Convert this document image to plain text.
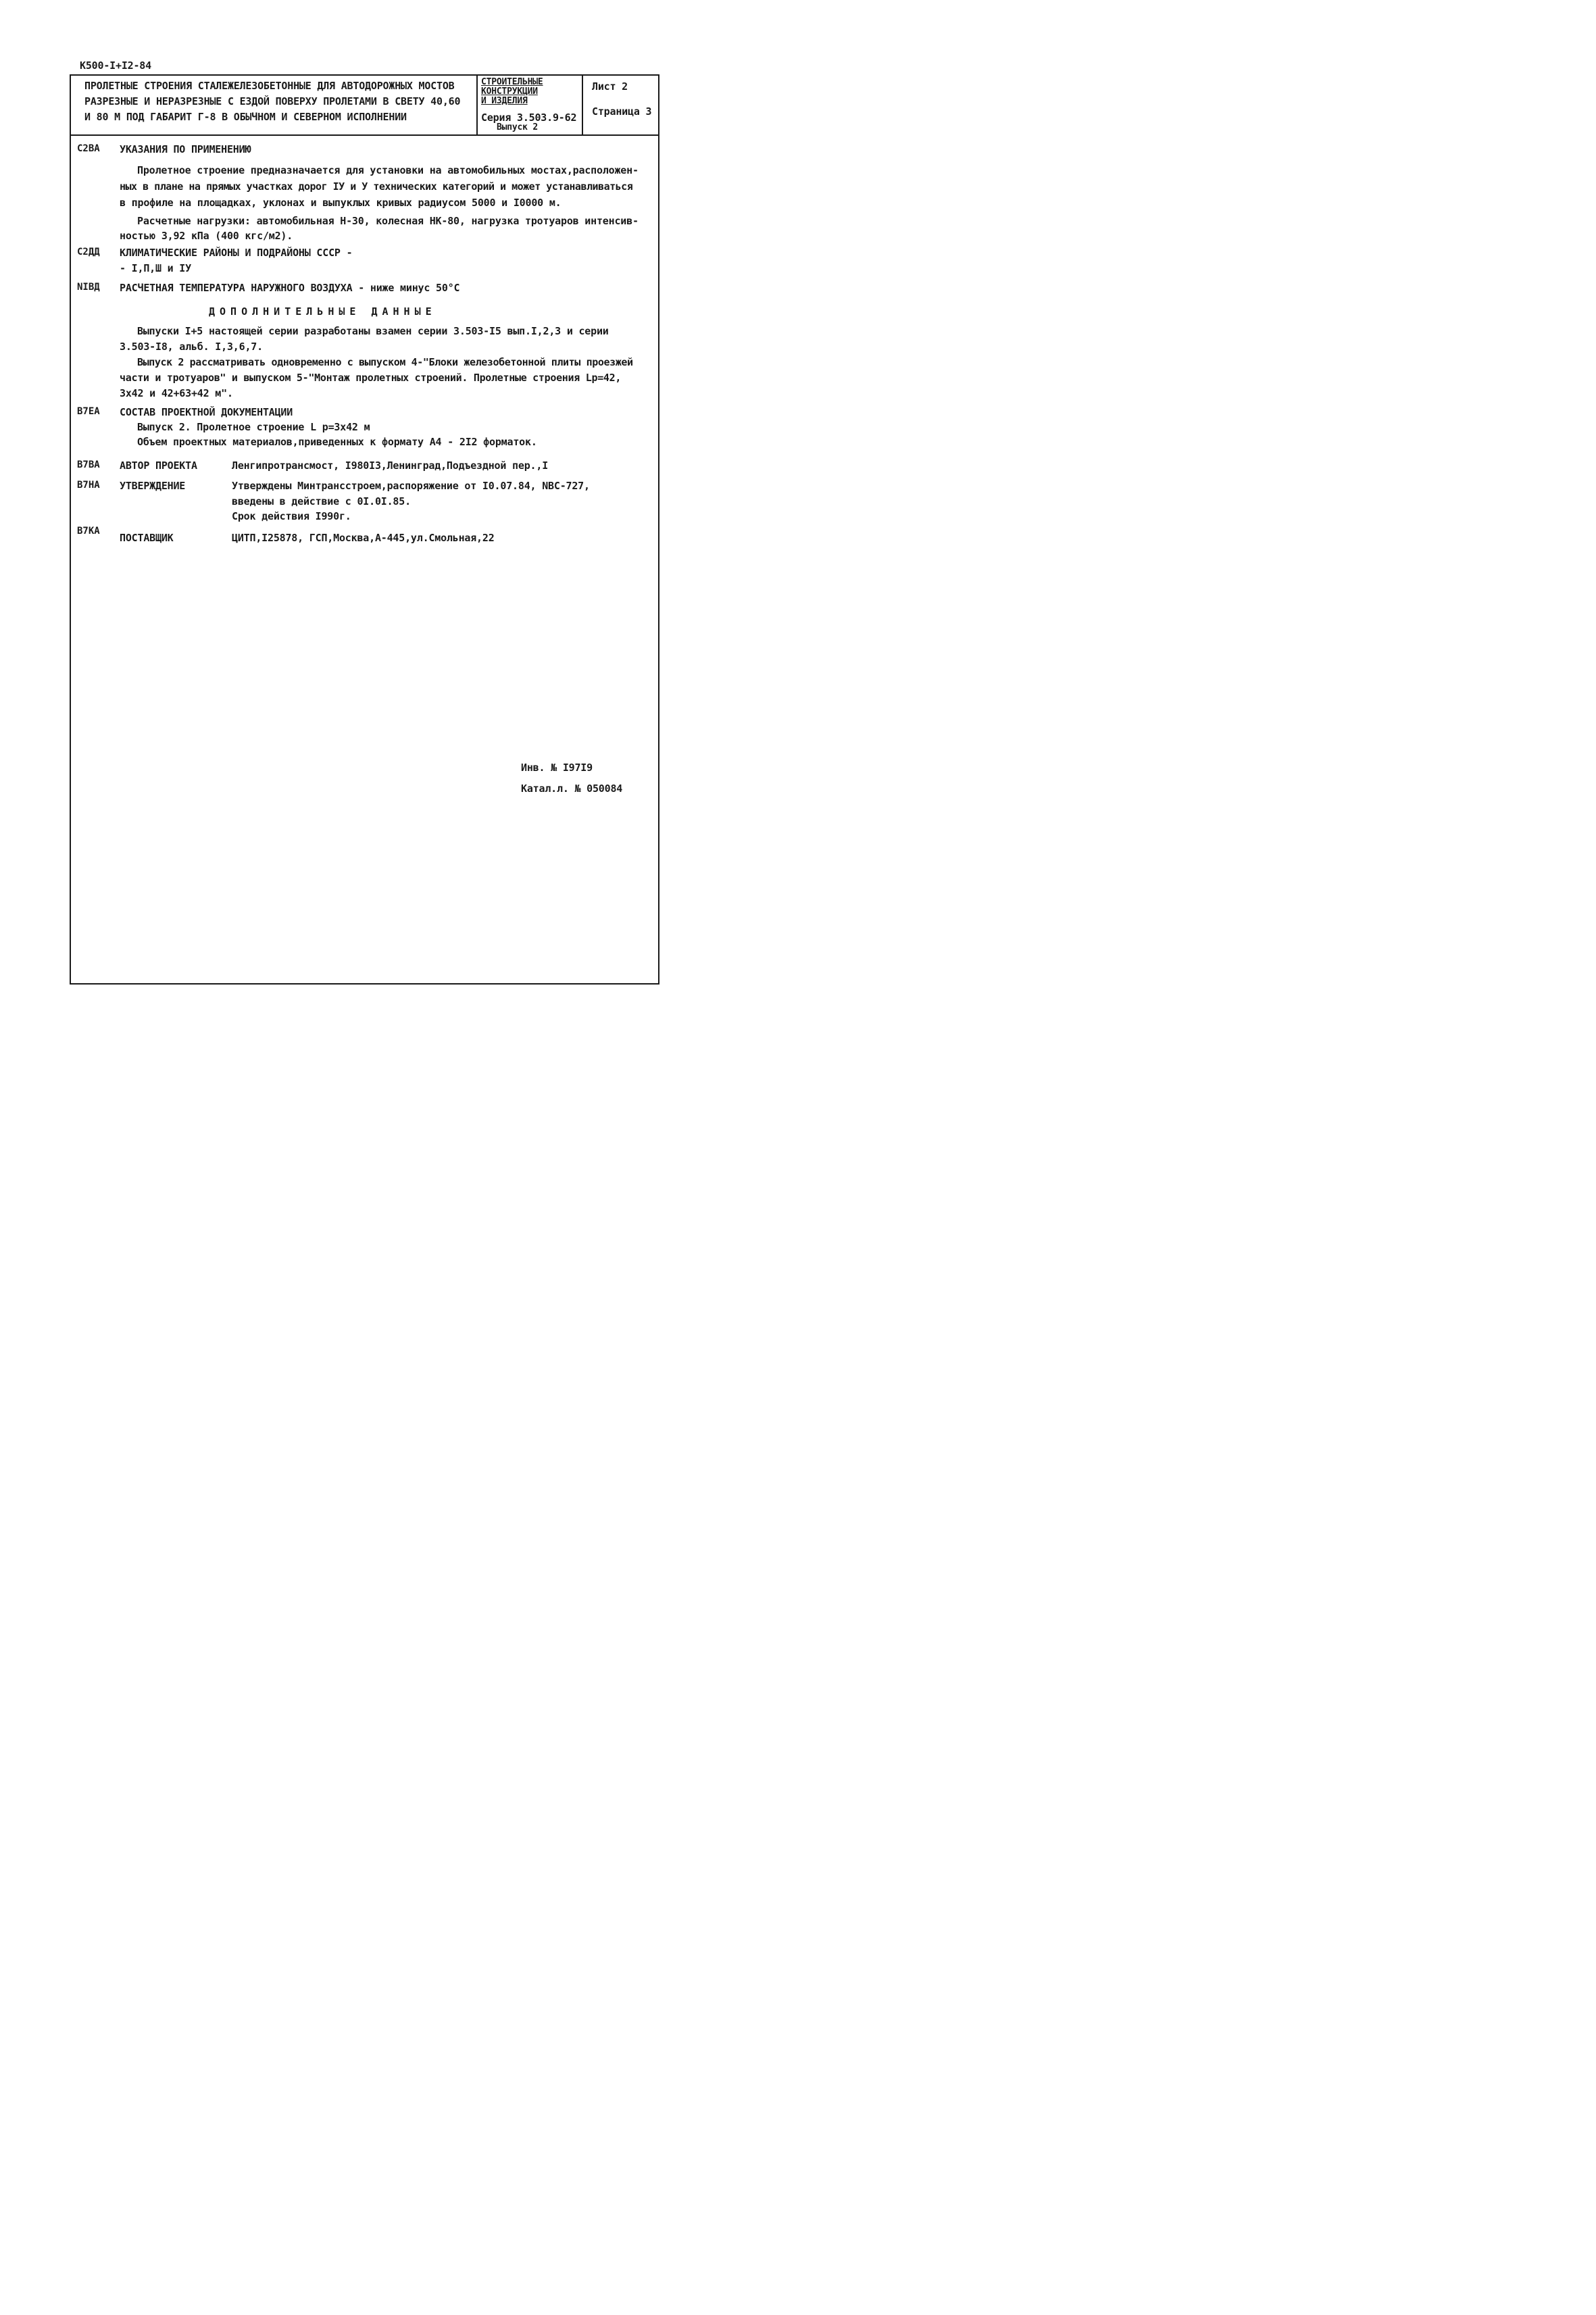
К500-I+I2-84
ПРОЛЕТНЫЕ СТРОЕНИЯ СТАЛЕЖЕЛЕЗОБЕТОННЫЕ ДЛЯ АВТОДОРОЖНЫХ МОСТОВ
РАЗРЕЗНЫЕ И НЕРАЗРЕЗНЫЕ С ЕЗДОЙ ПОВЕРХУ ПРОЛЕТАМИ В СВЕТУ 40,60
И 80 М ПОД ГАБАРИТ Г-8 В ОБЫЧНОМ И СЕВЕРНОМ ИСПОЛНЕНИИ
СТРОИТЕЛЬНЫЕ
КОНСТРУКЦИИ
И ИЗДЕЛИЯ
Серия 3.503.9-62
Выпуск 2
Лист 2
Страница 3
С2ВА УКАЗАНИЯ ПО ПРИМЕНЕНИЮ
Пролетное строение предназначается для установки на автомобильных мостах,расположен-
ных в плане на прямых участках дорог IУ и У технических категорий и может устанавливаться
в профиле на площадках, уклонах и выпуклых кривых радиусом 5000 и I0000 м.
Расчетные нагрузки: автомобильная Н-30, колесная НК-80, нагрузка тротуаров интенсив-
ностью 3,92 кПа (400 кгс/м2).
С2ДД КЛИМАТИЧЕСКИЕ РАЙОНЫ И ПОДРАЙОНЫ СССР -
- I,П,Ш и IУ
NIВД РАСЧЕТНАЯ ТЕМПЕРАТУРА НАРУЖНОГО ВОЗДУХА - ниже минус 50°С
ДОПОЛНИТЕЛЬНЫЕ ДАННЫЕ
Выпуски I+5 настоящей серии разработаны взамен серии 3.503-I5 вып.I,2,3 и серии
3.503-I8, альб. I,3,6,7.
Выпуск 2 рассматривать одновременно с выпуском 4-"Блоки железобетонной плиты проезжей
части и тротуаров" и выпуском 5-"Монтаж пролетных строений. Пролетные строения Lр=42,
3х42 и 42+63+42 м".
В7ЕА СОСТАВ ПРОЕКТНОЙ ДОКУМЕНТАЦИИ
Выпуск 2. Пролетное строение L р=3х42 м
Объем проектных материалов,приведенных к формату А4 - 2I2 форматок.
В7ВА АВТОР ПРОЕКТА	Ленгипротрансмост, I980I3,Ленинград,Подъездной пер.,I
В7НА УТВЕРЖДЕНИЕ	Утверждены Минтрансстроем,распоряжение от I0.07.84, NВС-727,
введены в действие с 0I.0I.85.
Срок действия I990г.
В7КА
ПОСТАВЩИК	ЦИТП,I25878, ГСП,Москва,А-445,ул.Смольная,22
Инв. № I97I9
Катал.л. № 050084
